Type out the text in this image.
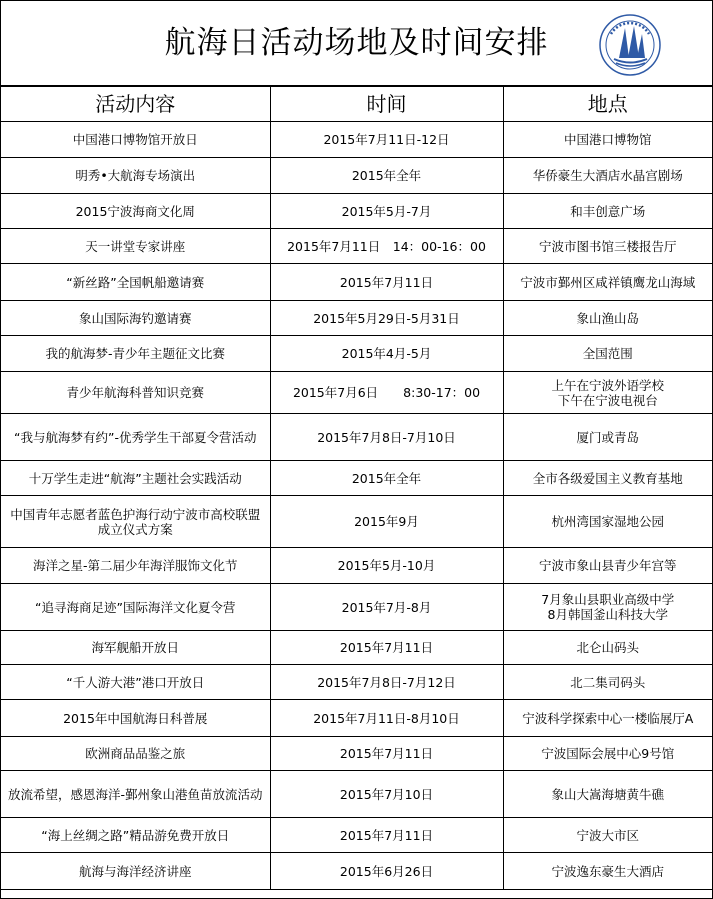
航海日活动场地及时间安排
活动内容	时间	地点
中国港口博物馆开放日	2015年7月11日-12日	中国港口博物馆
明秀•大航海专场演出	2015年全年	华侨豪生大酒店水晶宫剧场
2015宁波海商文化周	2015年5月-7月	和丰创意广场
天一讲堂专家讲座	2015年7月11日　14：00-16：00	宁波市图书馆三楼报告厅
“新丝路”全国帆船邀请赛	2015年7月11日	宁波市鄞州区咸祥镇鹰龙山海域
象山国际海钓邀请赛	2015年5月29日-5月31日	象山渔山岛
我的航海梦-青少年主题征文比赛	2015年4月-5月	全国范围
青少年航海科普知识竞赛	2015年7月6日　　8:30-17：00	上午在宁波外语学校
下午在宁波电视台
“我与航海梦有约”-优秀学生干部夏令营活动	2015年7月8日-7月10日	厦门或青岛
十万学生走进“航海”主题社会实践活动	2015年全年	全市各级爱国主义教育基地
中国青年志愿者蓝色护海行动宁波市高校联盟成立仪式方案	2015年9月	杭州湾国家湿地公园
海洋之星-第二届少年海洋服饰文化节	2015年5月-10月	宁波市象山县青少年宫等
“追寻海商足迹”国际海洋文化夏令营	2015年7月-8月	7月象山县职业高级中学
8月韩国釜山科技大学
海军舰船开放日	2015年7月11日	北仑山码头
“千人游大港”港口开放日	2015年7月8日-7月12日	北二集司码头
2015年中国航海日科普展	2015年7月11日-8月10日	宁波科学探索中心一楼临展厅A
欧洲商品品鉴之旅	2015年7月11日	宁波国际会展中心9号馆
放流希望，感恩海洋-鄞州象山港鱼苗放流活动	2015年7月10日	象山大嵩海塘黄牛礁
“海上丝绸之路”精品游免费开放日	2015年7月11日	宁波大市区
航海与海洋经济讲座	2015年6月26日	宁波逸东豪生大酒店
